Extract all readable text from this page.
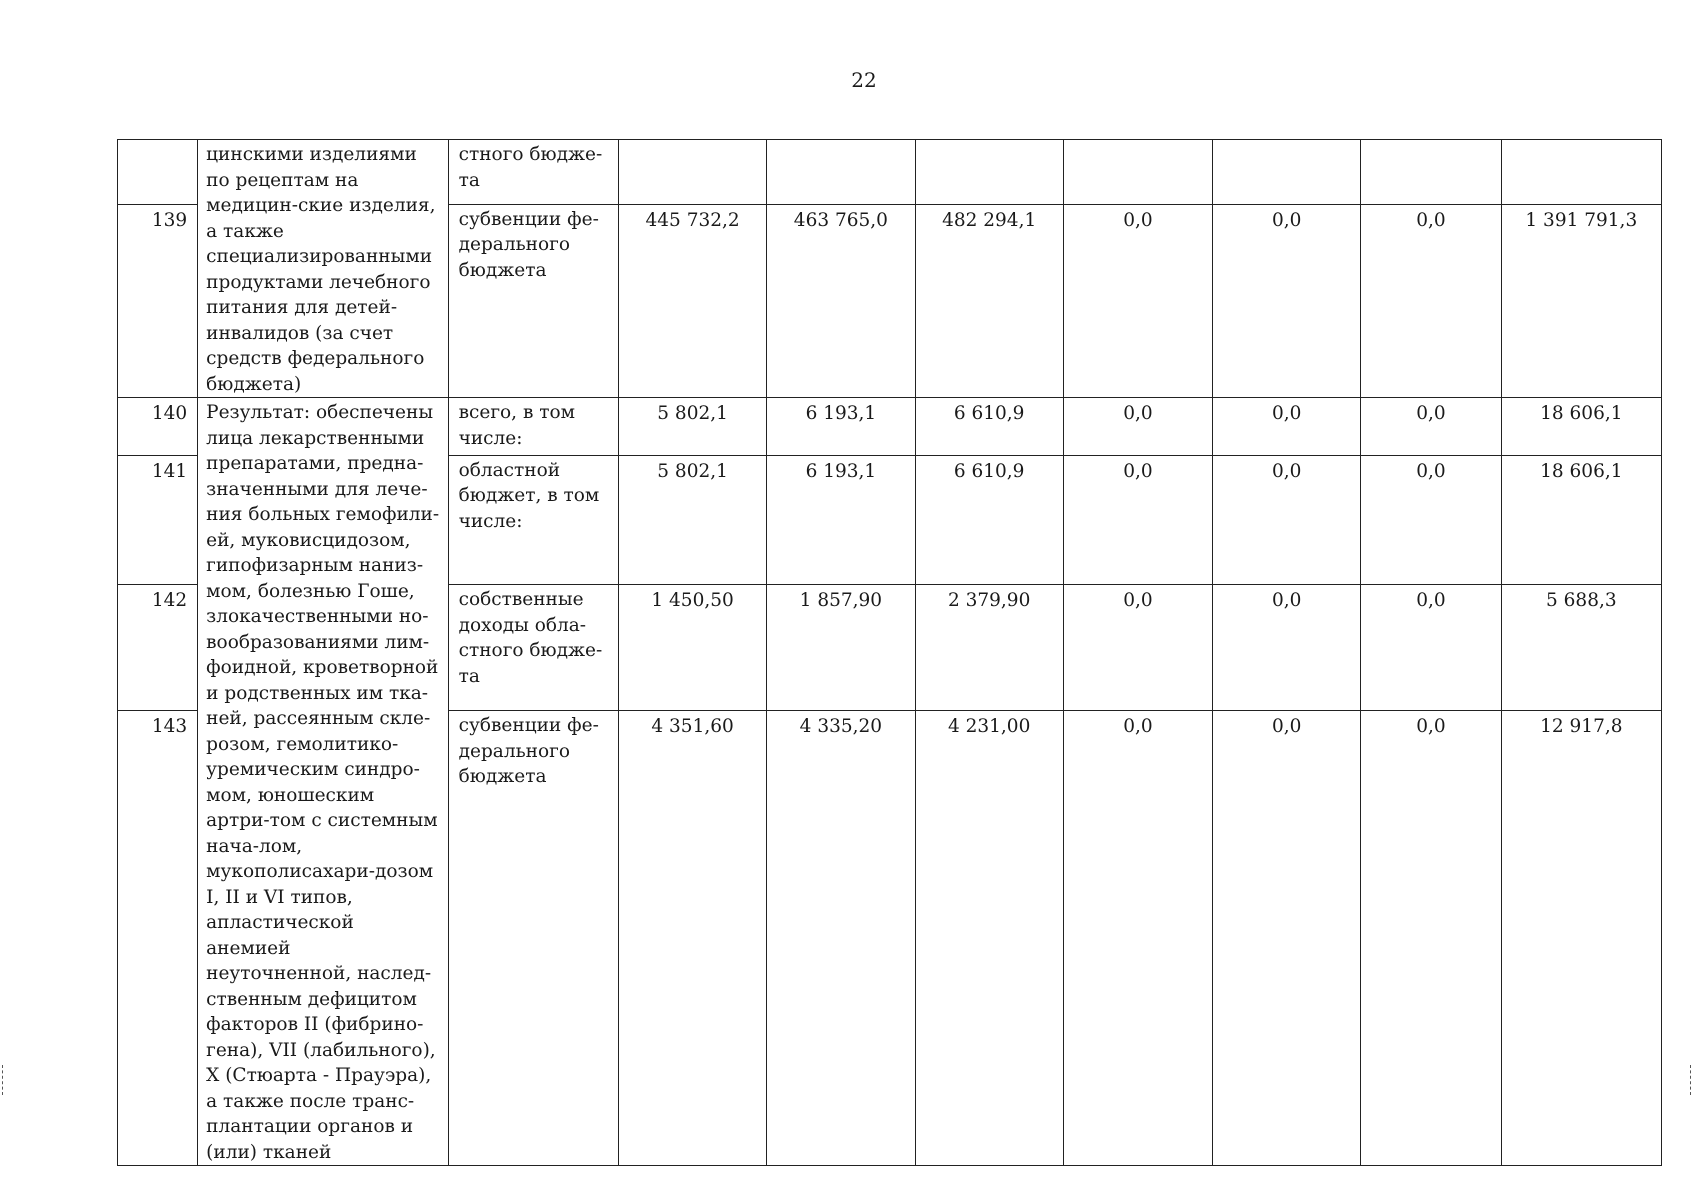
22

	цинскими изделиями по рецептам на медицин-ские изделия, а также специализированными продуктами лечебного питания для детей-инвалидов (за счет средств федерального бюджета)	стного бюдже-та							

139		субвенции фе-дерального бюджета	445 732,2	463 765,0	482 294,1	0,0	0,0	0,0	1 391 791,3
140	Результат: обеспечены лица лекарственными препаратами, предна-значенными для лече-ния больных гемофили-ей, муковисцидозом, гипофизарным наниз-мом, болезнью Гоше, злокачественными но-вообразованиями лим-фоидной, кроветворной и родственных им тка-ней, рассеянным скле-розом, гемолитико-уремическим синдро-мом, юношеским артри-том с системным нача-лом, мукополисахари-дозом I, II и VI типов, апластической анемией неуточненной, наслед-ственным дефицитом факторов II (фибрино-гена), VII (лабильного), X (Стюарта - Прауэра), а также после транс-плантации органов и (или) тканей	всего, в том числе:	5 802,1	6 193,1	6 610,9	0,0	0,0	0,0	18 606,1
141		областной бюджет, в том числе:	5 802,1	6 193,1	6 610,9	0,0	0,0	0,0	18 606,1
142		собственные доходы обла-стного бюдже-та	1 450,50	1 857,90	2 379,90	0,0	0,0	0,0	5 688,3
143		субвенции фе-дерального бюджета	4 351,60	4 335,20	4 231,00	0,0	0,0	0,0	12 917,8
